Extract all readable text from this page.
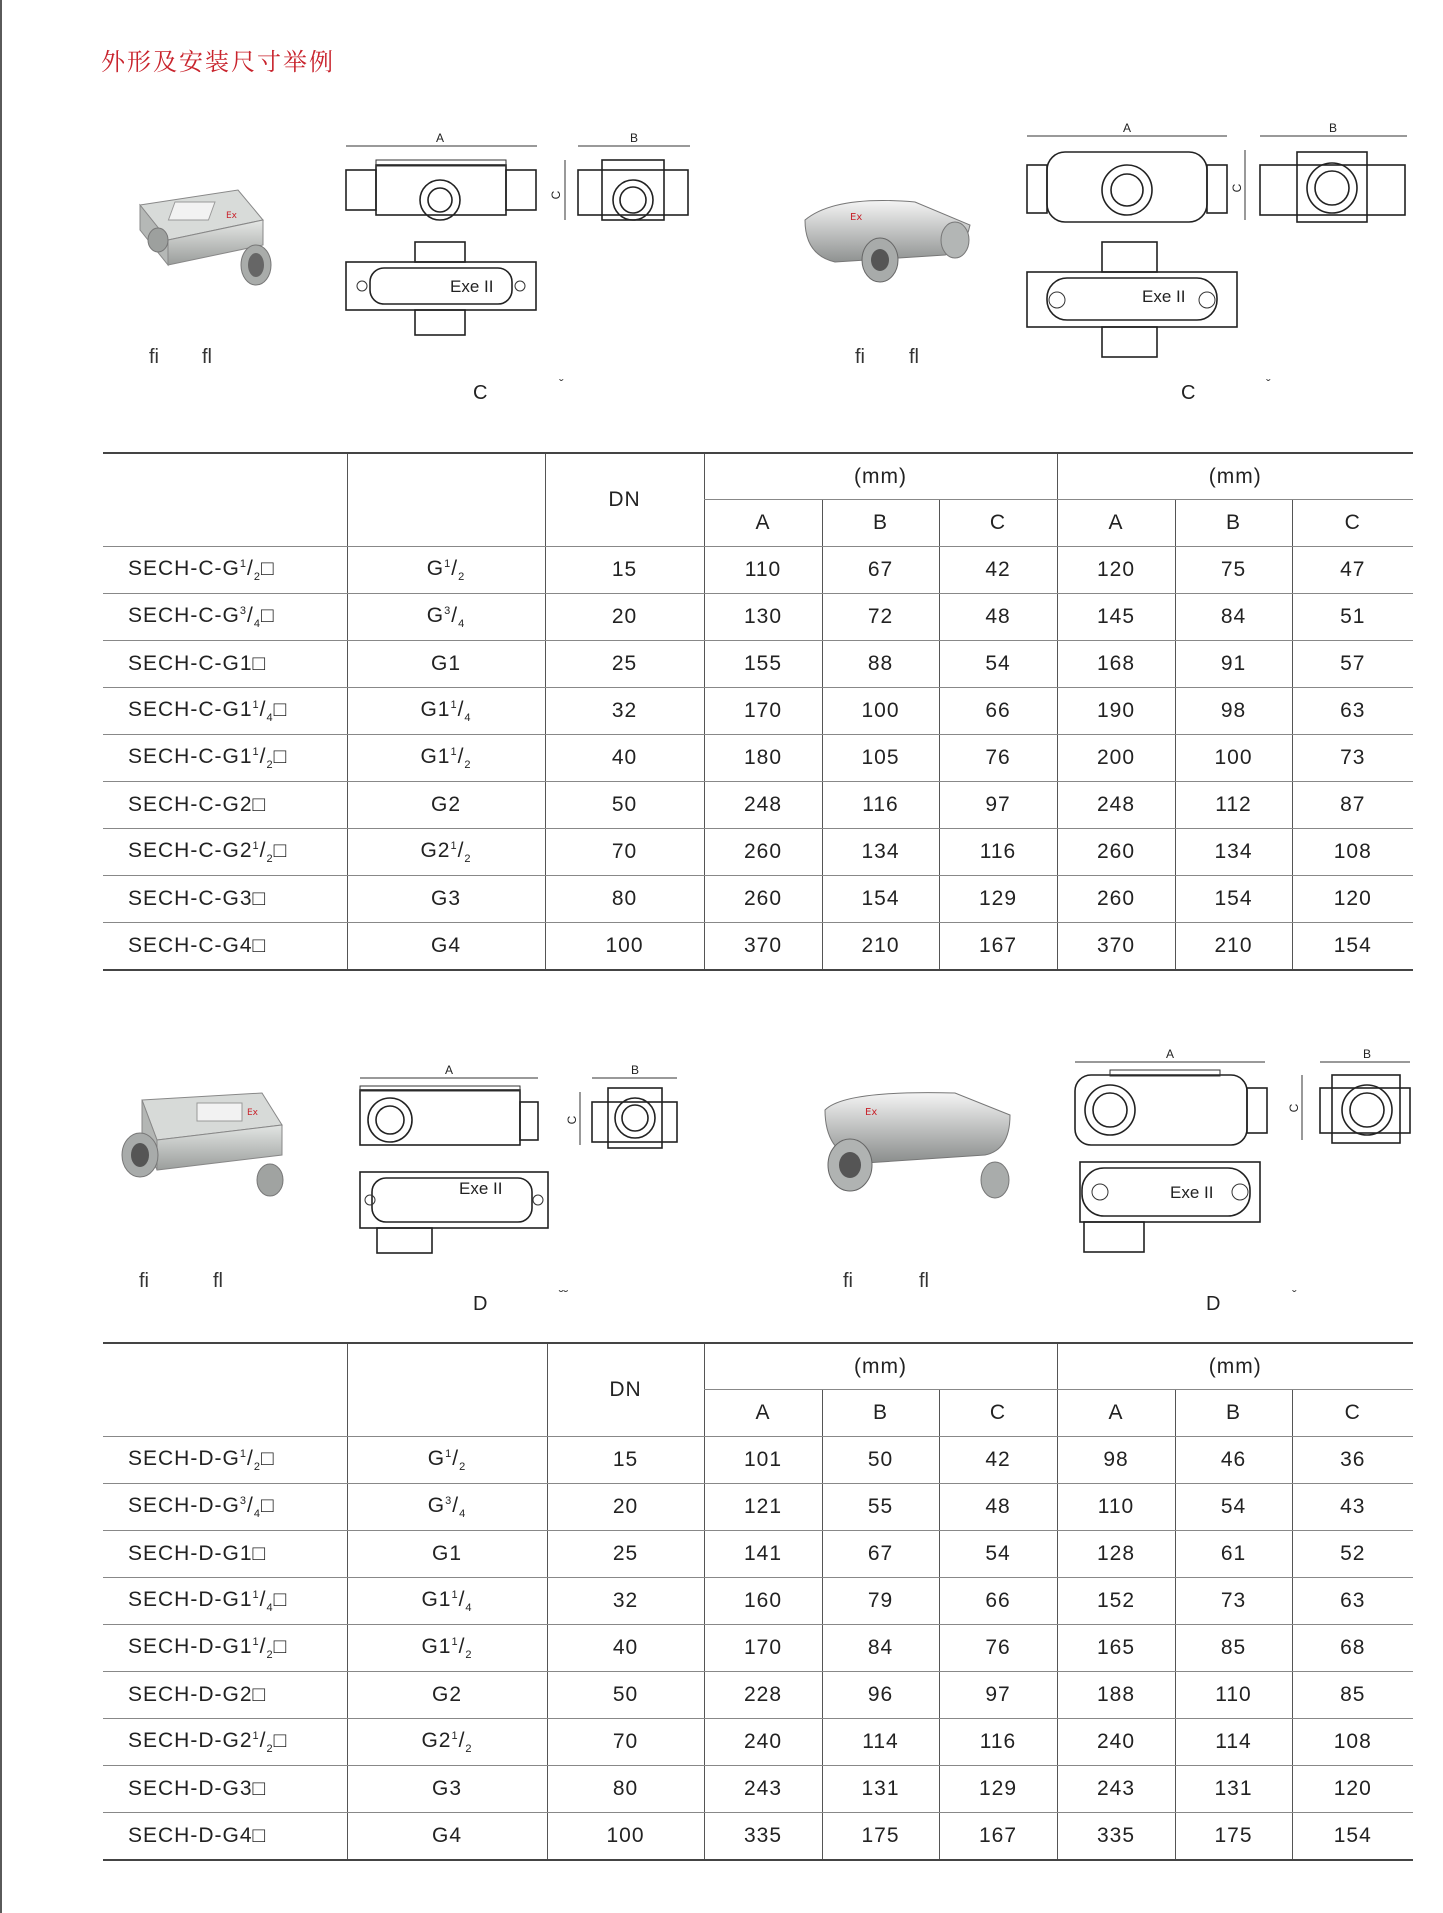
外形及安装尺寸举例
Ex
A
C
B
Exe II
fi fl
C	ˇ
Ex
A
C
B
Exe II
fi fl
C	ˇ
		DN	(mm)			(mm)		
			A	B	C	A	B	C
SECH-$C-G^1/_2□$	$G^1/_2$	15	110	67	42	120	75	47
SECH-$C-G^3/_4□$	$G^3/_4$	20	130	72	48	145	84	51
SECH-C-G1□	G1	25	155	88	54	168	91	57
SECH-$C-G1^1/_4□$	$G1^1/_4$	32	170	100	66	190	98	63
SECH-$C-G1^1/_2□$	$G1^1/_2$	40	180	105	76	200	100	73
SECH-C-G2□	G2	50	248	116	97	248	112	87
SECH-$C-G2^1/_2□$	$G2^1/_2$	70	260	134	116	260	134	108
SECH-C-G3□	G3	80	260	154	129	260	154	120
SECH-C-G4□	G4	100	370	210	167	370	210	154
Ex
A
C
B
Exe II
fi	fl
D	˘˘
Ex
A
C
B
Exe II
fi	fl
D	ˇ
		DN	(mm)			(mm)		
			A	B	C	A	B	C
SECH-$D-G^1/_2□$	$G^1/_2$	15	101	50	42	98	46	36
SECH-$D-G^3/_4□$	$G^3/_4$	20	121	55	48	110	54	43
SECH-D-G1□	G1	25	141	67	54	128	61	52
SECH-$D-G1^1/_4□$	$G1^1/_4$	32	160	79	66	152	73	63
SECH-$D-G1^1/_2□$	$G1^1/_2$	40	170	84	76	165	85	68
SECH-D-G2□	G2	50	228	96	97	188	110	85
SECH-$D-G2^1/_2□$	$G2^1/_2$	70	240	114	116	240	114	108
SECH-D-G3□	G3	80	243	131	129	243	131	120
SECH-D-G4□	G4	100	335	175	167	335	175	154
